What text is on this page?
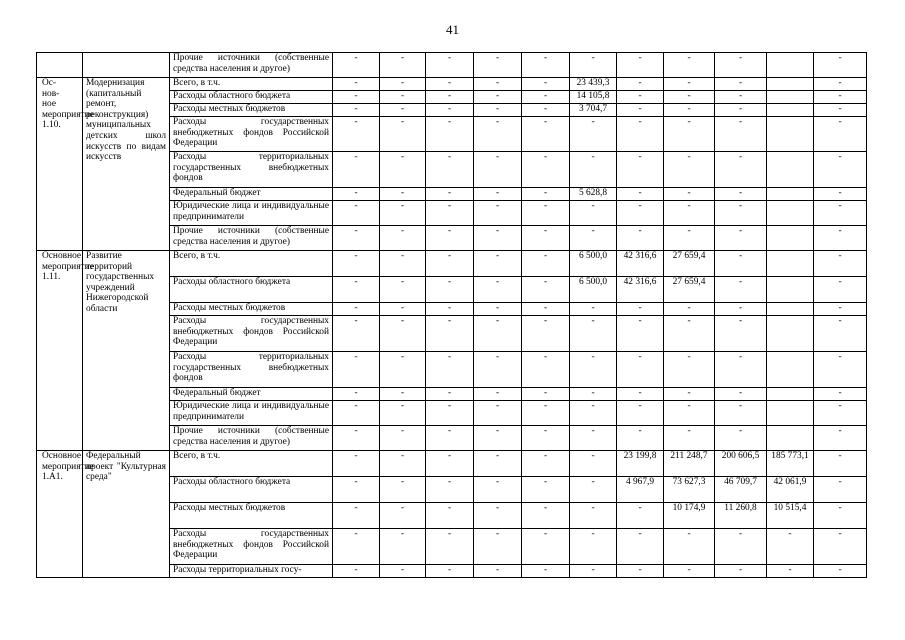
41
		Прочие источники (собственные средства населения и другое)	-	-	-	-	-	-	-	-	-		-
Ос-
нов-
ное
мероприятие 1.10.	Модернизация
(капитальный
ремонт, реконструкция) муниципальных детских школ искусств по видам искусств	Всего, в т.ч.	-	-	-	-	-	23 439,3	-	-	-		-
		Расходы областного бюджета	-	-	-	-	-	14 105,8	-	-	-		-
		Расходы местных бюджетов	-	-	-	-	-	3 704,7	-	-	-		-
		Расходы государственных внебюджетных фондов Российской Федерации	-	-	-	-	-	-	-	-	-		-
		Расходы территориальных государственных внебюджетных фондов	-	-	-	-	-	-	-	-	-		-
		Федеральный бюджет	-	-	-	-	-	5 628,8	-	-	-		-
		Юридические лица и индивидуальные предприниматели	-	-	-	-	-	-	-	-	-		-
		Прочие источники (собственные средства населения и другое)	-	-	-	-	-	-	-	-	-		-
Основное мероприятие 1.11.	Развитие территорий государственных учреждений Нижегородской области	Всего, в т.ч.	-	-	-	-	-	6 500,0	42 316,6	27 659,4	-		-
		Расходы областного бюджета	-	-	-	-	-	6 500,0	42 316,6	27 659,4	-		-
		Расходы местных бюджетов	-	-	-	-	-	-	-	-	-		-
		Расходы государственных внебюджетных фондов Российской Федерации	-	-	-	-	-	-	-	-	-		-
		Расходы территориальных государственных внебюджетных фондов	-	-	-	-	-	-	-	-	-		-
		Федеральный бюджет	-	-	-	-	-	-	-	-	-		-
		Юридические лица и индивидуальные предприниматели	-	-	-	-	-	-	-	-	-		-
		Прочие источники (собственные средства населения и другое)	-	-	-	-	-	-	-	-	-		-
Основное мероприятие 1.А1.	Федеральный проект "Культурная среда"	Всего, в т.ч.	-	-	-	-	-	-	23 199,8	211 248,7	200 606,5	185 773,1	-
		Расходы областного бюджета	-	-	-	-	-	-	4 967,9	73 627,3	46 709,7	42 061,9	-
		Расходы местных бюджетов	-	-	-	-	-	-	-	10 174,9	11 260,8	10 515,4	-
		Расходы государственных внебюджетных фондов Российской Федерации	-	-	-	-	-	-	-	-	-	-	-
		Расходы территориальных госу-	-	-	-	-	-	-	-	-	-	-	-
